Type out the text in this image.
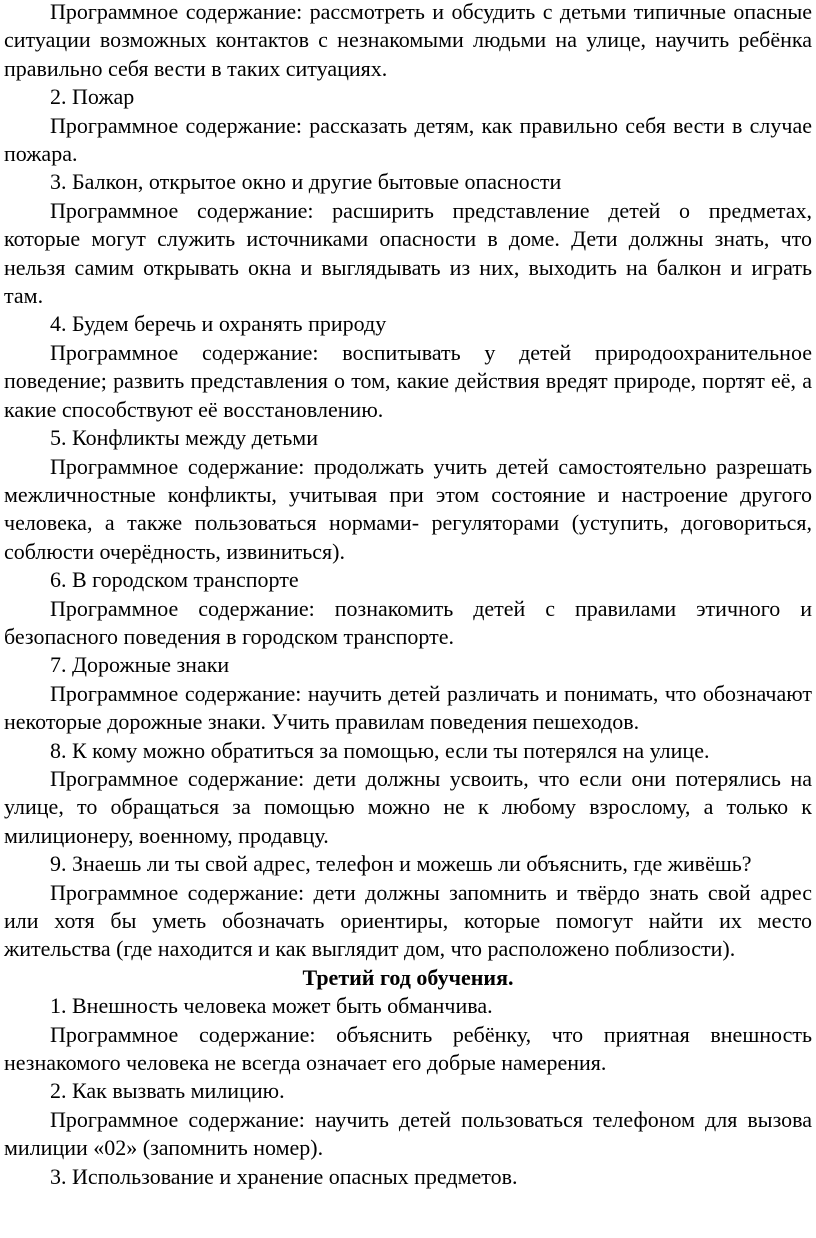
Программное содержание: рассмотреть и обсудить с детьми типичные опасные ситуации возможных контактов с незнакомыми людьми на улице, научить ребёнка правильно себя вести в таких ситуациях.

2. Пожар

Программное содержание: рассказать детям, как правильно себя вести в случае пожара.

3. Балкон, открытое окно и другие бытовые опасности

Программное содержание: расширить представление детей о предметах, которые могут служить источниками опасности в доме. Дети должны знать, что нельзя самим открывать окна и выглядывать из них, выходить на балкон и играть там.

4. Будем беречь и охранять природу

Программное содержание: воспитывать у детей природоохранительное поведение; развить представления о том, какие действия вредят природе, портят её, а какие способствуют её восстановлению.

5. Конфликты между детьми

Программное содержание: продолжать учить детей самостоятельно разрешать межличностные конфликты, учитывая при этом состояние и настроение другого человека, а также пользоваться нормами- регуляторами (уступить, договориться, соблюсти очерёдность, извиниться).

6. В городском транспорте

Программное содержание: познакомить детей с правилами этичного и безопасного поведения в городском транспорте.

7. Дорожные знаки

Программное содержание: научить детей различать и понимать, что обозначают некоторые дорожные знаки. Учить правилам поведения пешеходов.

8. К кому можно обратиться за помощью, если ты потерялся на улице.

Программное содержание: дети должны усвоить, что если они потерялись на улице, то обращаться за помощью можно не к любому взрослому, а только к милиционеру, военному, продавцу.

9. Знаешь ли ты свой адрес, телефон и можешь ли объяснить, где живёшь?

Программное содержание: дети должны запомнить и твёрдо знать свой адрес или хотя бы уметь обозначать ориентиры, которые помогут найти их место жительства (где находится и как выглядит дом, что расположено поблизости).

Третий год обучения.

1. Внешность человека может быть обманчива.

Программное содержание: объяснить ребёнку, что приятная внешность незнакомого человека не всегда означает его добрые намерения.

2. Как вызвать милицию.

Программное содержание: научить детей пользоваться телефоном для вызова милиции «02» (запомнить номер).

3. Использование и хранение опасных предметов.
